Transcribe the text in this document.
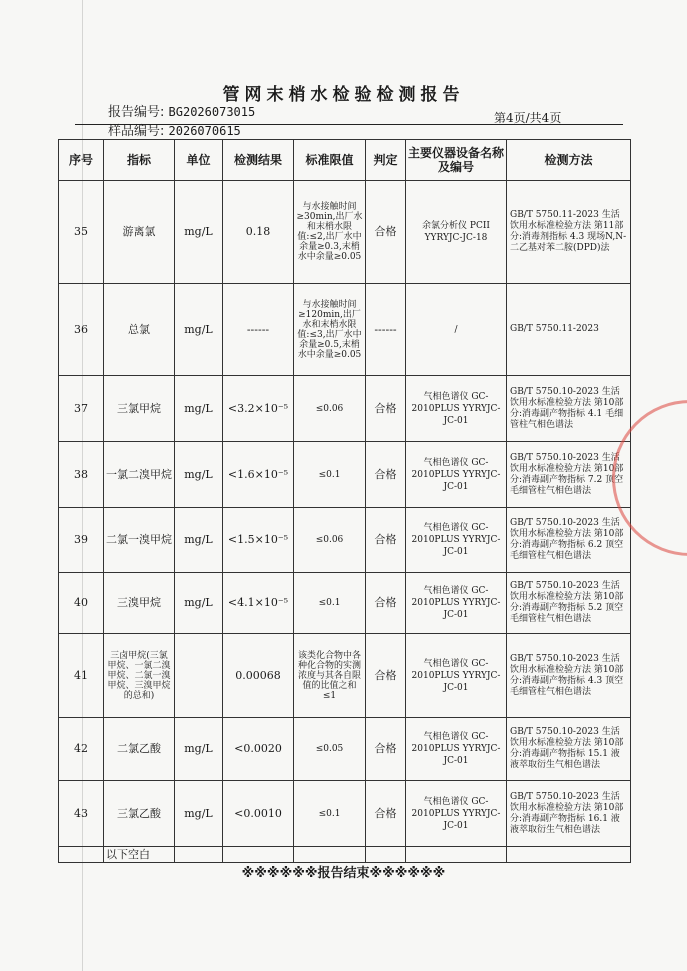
管网末梢水检验检测报告
报告编号: BG2026073015	第4页/共4页
样品编号: 2026070615
序号	指标	单位	检测结果	标准限值	判定	主要仪器设备名称及编号	检测方法
35	游离氯	mg/L	0.18	与水接触时间≥30min,出厂水和末梢水限值:≤2,出厂水中余量≥0.3,末梢水中余量≥0.05	合格	余氯分析仪 PCII YYRYJC-JC-18	GB/T 5750.11-2023 生活饮用水标准检验方法 第11部分:消毒剂指标 4.3 现场N,N-二乙基对苯二胺(DPD)法
36	总氯	mg/L	------	与水接触时间≥120min,出厂水和末梢水限值:≤3,出厂水中余量≥0.5,末梢水中余量≥0.05	------	/	GB/T 5750.11-2023
37	三氯甲烷	mg/L	<3.2×10⁻⁵	≤0.06	合格	气相色谱仪 GC-2010PLUS YYRYJC-JC-01	GB/T 5750.10-2023 生活饮用水标准检验方法 第10部分:消毒副产物指标 4.1 毛细管柱气相色谱法
38	一氯二溴甲烷	mg/L	<1.6×10⁻⁵	≤0.1	合格	气相色谱仪 GC-2010PLUS YYRYJC-JC-01	GB/T 5750.10-2023 生活饮用水标准检验方法 第10部分:消毒副产物指标 7.2 顶空毛细管柱气相色谱法
39	二氯一溴甲烷	mg/L	<1.5×10⁻⁵	≤0.06	合格	气相色谱仪 GC-2010PLUS YYRYJC-JC-01	GB/T 5750.10-2023 生活饮用水标准检验方法 第10部分:消毒副产物指标 6.2 顶空毛细管柱气相色谱法
40	三溴甲烷	mg/L	<4.1×10⁻⁵	≤0.1	合格	气相色谱仪 GC-2010PLUS YYRYJC-JC-01	GB/T 5750.10-2023 生活饮用水标准检验方法 第10部分:消毒副产物指标 5.2 顶空毛细管柱气相色谱法
41	三卤甲烷(三氯甲烷、一氯二溴甲烷、二氯一溴甲烷、三溴甲烷的总和)		0.00068	该类化合物中各种化合物的实测浓度与其各自限值的比值之和≤1	合格	气相色谱仪 GC-2010PLUS YYRYJC-JC-01	GB/T 5750.10-2023 生活饮用水标准检验方法 第10部分:消毒副产物指标 4.3 顶空毛细管柱气相色谱法
42	二氯乙酸	mg/L	<0.0020	≤0.05	合格	气相色谱仪 GC-2010PLUS YYRYJC-JC-01	GB/T 5750.10-2023 生活饮用水标准检验方法 第10部分:消毒副产物指标 15.1 液液萃取衍生气相色谱法
43	三氯乙酸	mg/L	<0.0010	≤0.1	合格	气相色谱仪 GC-2010PLUS YYRYJC-JC-01	GB/T 5750.10-2023 生活饮用水标准检验方法 第10部分:消毒副产物指标 16.1 液液萃取衍生气相色谱法
	以下空白						
※※※※※※报告结束※※※※※※
